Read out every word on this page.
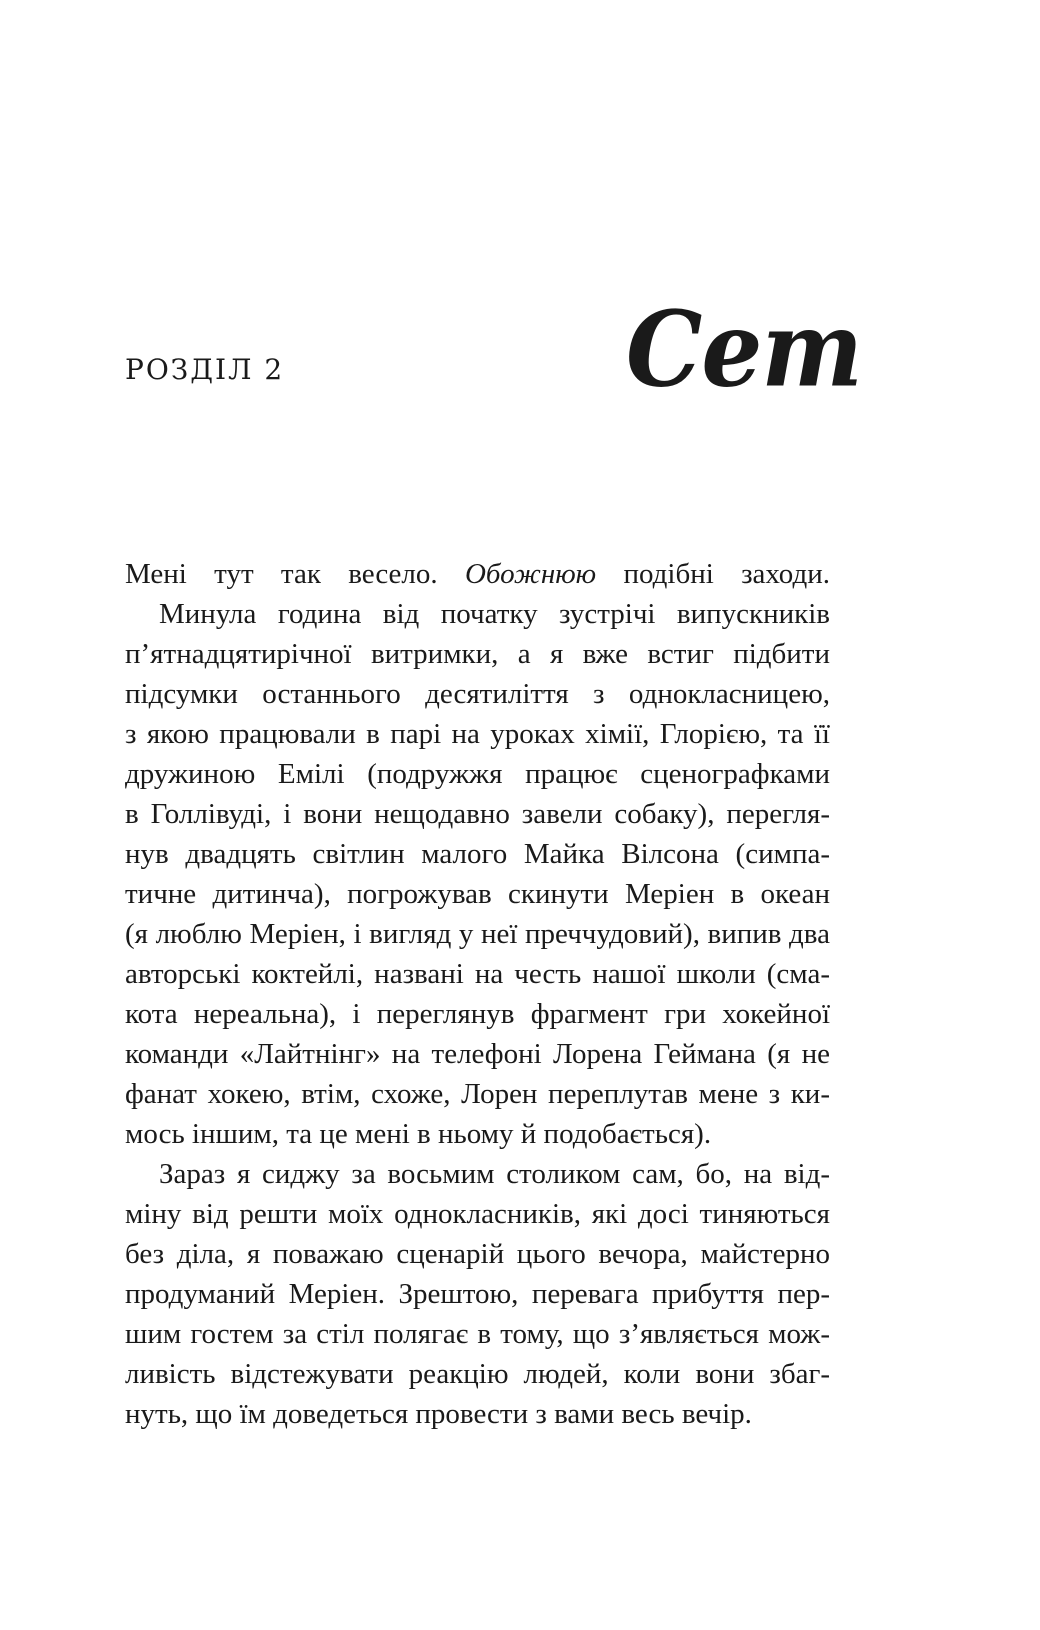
РОЗДІЛ 2	Сет
Мені тут так весело. Обожнюю подібні заходи.
Минула година від початку зустрічі випускників
п’ятнадцятирічної витримки, а я вже встиг підбити
підсумки останнього десятиліття з однокласницею,
з якою працювали в парі на уроках хімії, Глорією, та її
дружиною Емілі (подружжя працює сценографками
в Голлівуді, і вони нещодавно завели собаку), перегля-
нув двадцять світлин малого Майка Вілсона (симпа-
тичне дитинча), погрожував скинути Меріен в океан
(я люблю Меріен, і вигляд у неї преччудовий), випив два
авторські коктейлі, названі на честь нашої школи (сма-
кота нереальна), і переглянув фрагмент гри хокейної
команди «Лайтнінг» на телефоні Лорена Геймана (я не
фанат хокею, втім, схоже, Лорен переплутав мене з ки-
мось іншим, та це мені в ньому й подобається).
Зараз я сиджу за восьмим столиком сам, бо, на від-
міну від решти моїх однокласників, які досі тиняються
без діла, я поважаю сценарій цього вечора, майстерно
продуманий Меріен. Зрештою, перевага прибуття пер-
шим гостем за стіл полягає в тому, що з’являється мож-
ливість відстежувати реакцію людей, коли вони збаг-
нуть, що їм доведеться провести з вами весь вечір.
